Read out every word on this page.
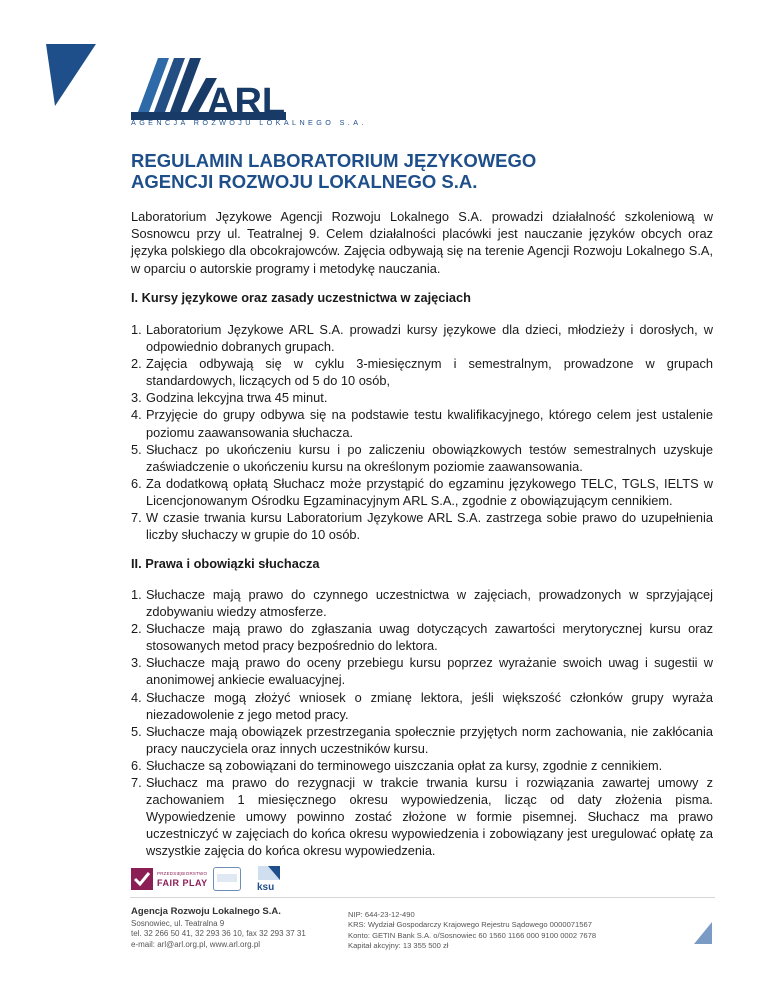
ARL
AGENCJA ROZWOJU LOKALNEGO S.A.
REGULAMIN LABORATORIUM JĘZYKOWEGO
AGENCJI ROZWOJU LOKALNEGO S.A.

Laboratorium Językowe Agencji Rozwoju Lokalnego S.A. prowadzi działalność szkoleniową w Sosnowcu przy ul. Teatralnej 9. Celem działalności placówki jest nauczanie języków obcych oraz języka polskiego dla obcokrajowców. Zajęcia odbywają się na terenie Agencji Rozwoju Lokalnego S.A, w oparciu o autorskie programy i metodykę nauczania.

I. Kursy językowe oraz zasady uczestnictwa w zajęciach

1. Laboratorium Językowe ARL S.A. prowadzi kursy językowe dla dzieci, młodzieży i dorosłych, w odpowiednio dobranych grupach.
2. Zajęcia odbywają się w cyklu 3-miesięcznym i semestralnym, prowadzone w grupach standardowych, liczących od 5 do 10 osób,
3. Godzina lekcyjna trwa 45 minut.
4. Przyjęcie do grupy odbywa się na podstawie testu kwalifikacyjnego, którego celem jest ustalenie poziomu zaawansowania słuchacza.
5. Słuchacz po ukończeniu kursu i po zaliczeniu obowiązkowych testów semestralnych uzyskuje zaświadczenie o ukończeniu kursu na określonym poziomie zaawansowania.
6. Za dodatkową opłatą Słuchacz może przystąpić do egzaminu językowego TELC, TGLS, IELTS w Licencjonowanym Ośrodku Egzaminacyjnym ARL S.A., zgodnie z obowiązującym cennikiem.
7. W czasie trwania kursu Laboratorium Językowe ARL S.A. zastrzega sobie prawo do uzupełnienia liczby słuchaczy w grupie do 10 osób.

II. Prawa i obowiązki słuchacza

1. Słuchacze mają prawo do czynnego uczestnictwa w zajęciach, prowadzonych w sprzyjającej zdobywaniu wiedzy atmosferze.
2. Słuchacze mają prawo do zgłaszania uwag dotyczących zawartości merytorycznej kursu oraz stosowanych metod pracy bezpośrednio do lektora.
3. Słuchacze mają prawo do oceny przebiegu kursu poprzez wyrażanie swoich uwag i sugestii w anonimowej ankiecie ewaluacyjnej.
4. Słuchacze mogą złożyć wniosek o zmianę lektora, jeśli większość członków grupy wyraża niezadowolenie z jego metod pracy.
5. Słuchacze mają obowiązek przestrzegania społecznie przyjętych norm zachowania, nie zakłócania pracy nauczyciela oraz innych uczestników kursu.
6. Słuchacze są zobowiązani do terminowego uiszczania opłat za kursy, zgodnie z cennikiem.
7. Słuchacz ma prawo do rezygnacji w trakcie trwania kursu i rozwiązania zawartej umowy z zachowaniem 1 miesięcznego okresu wypowiedzenia, licząc od daty złożenia pisma. Wypowiedzenie umowy powinno zostać złożone w formie pisemnej. Słuchacz ma prawo uczestniczyć w zajęciach do końca okresu wypowiedzenia i zobowiązany jest uregulować opłatę za wszystkie zajęcia do końca okresu wypowiedzenia.
PRZEDSIĘBIORSTWO
FAIR PLAY	ksu
Agencja Rozwoju Lokalnego S.A.
Sosnowiec, ul. Teatralna 9
tel. 32 266 50 41, 32 293 36 10, fax 32 293 37 31
e-mail: arl@arl.org.pl, www.arl.org.pl
NIP: 644-23-12-490
KRS: Wydział Gospodarczy Krajowego Rejestru Sądowego 0000071567
Konto: GETIN Bank S.A. o/Sosnowiec 60 1560 1166 000 9100 0002 7678
Kapitał akcyjny: 13 355 500 zł
